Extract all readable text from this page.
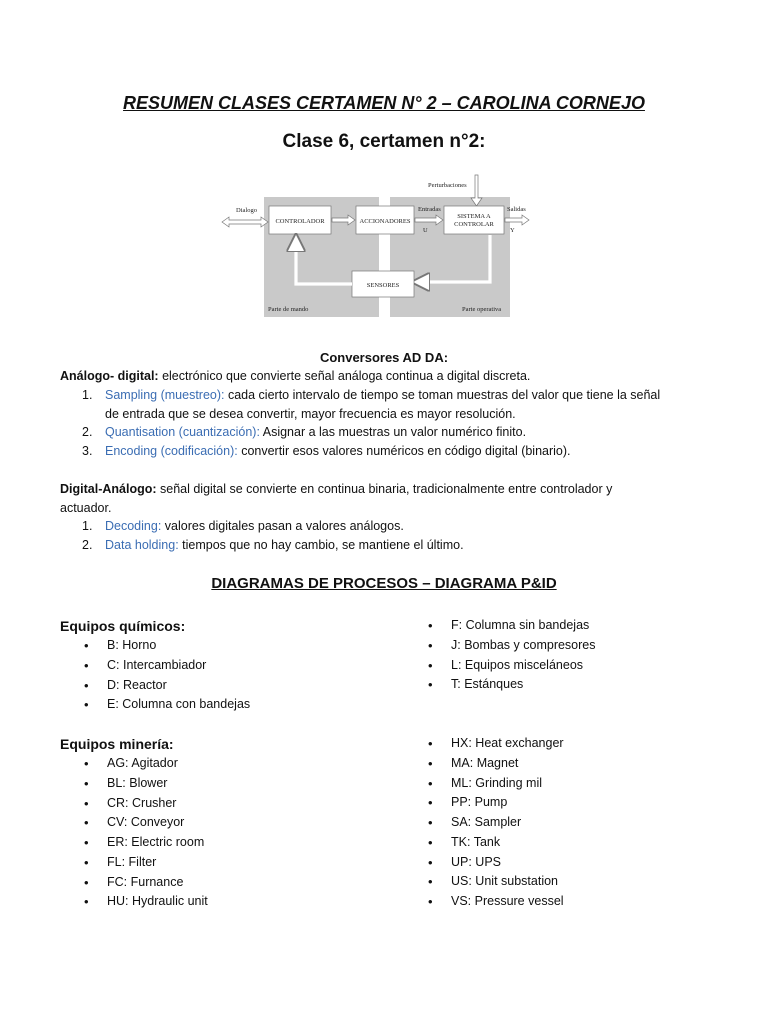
RESUMEN CLASES CERTAMEN N° 2 – CAROLINA CORNEJO
Clase 6, certamen n°2:
Perturbaciones
Dialogo
CONTROLADOR	ACCIONADORES
Entradas
U
SISTEMA A
CONTROLAR
Salidas
Y
SENSORES
Parte de mando	Parte operativa
Conversores AD DA:
Análogo- digital: electrónico que convierte señal análoga continua a digital discreta.
1. Sampling (muestreo): cada cierto intervalo de tiempo se toman muestras del valor que tiene la señal
de entrada que se desea convertir, mayor frecuencia es mayor resolución.
2. Quantisation (cuantización): Asignar a las muestras un valor numérico finito.
3. Encoding (codificación): convertir esos valores numéricos en código digital (binario).
Digital-Análogo: señal digital se convierte en continua binaria, tradicionalmente entre controlador y
actuador.
1. Decoding: valores digitales pasan a valores análogos.
2. Data holding: tiempos que no hay cambio, se mantiene el último.
DIAGRAMAS DE PROCESOS – DIAGRAMA P&ID
Equipos químicos:
• B: Horno
• C: Intercambiador
• D: Reactor
• E: Columna con bandejas
• F: Columna sin bandejas
• J: Bombas y compresores
• L: Equipos misceláneos
• T: Estánques
Equipos minería:
• AG: Agitador
• BL: Blower
• CR: Crusher
• CV: Conveyor
• ER: Electric room
• FL: Filter
• FC: Furnance
• HU: Hydraulic unit
• HX: Heat exchanger
• MA: Magnet
• ML: Grinding mil
• PP: Pump
• SA: Sampler
• TK: Tank
• UP: UPS
• US: Unit substation
• VS: Pressure vessel
